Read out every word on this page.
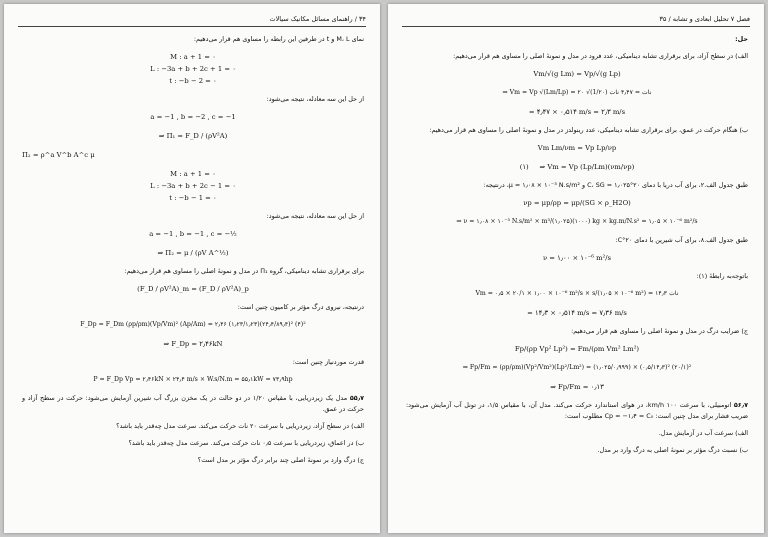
۳۴ / راهنمای مسائل مکانیک سیالات

نمای M، L و t در طرفین این رابطه را مساوی هم قرار می‌دهیم:

M : a + 1 = ۰
L : −3a + b + 2c + 1 = ۰
t : −b − 2 = ۰

از حل این سه معادله، نتیجه می‌شود:

a = −1 , b = −2 , c = −1
⇒ Π₁ = F_D / (ρV²A)
Π₂ = ρ^a V^b A^c μ
M : a + 1 = ۰
L : −3a + b + 2c − 1 = ۰
t : −b − 1 = ۰

از حل این سه معادله، نتیجه می‌شود:

a = −1 , b = −1 , c = −½
⇒ Π₂ = μ / (ρV A^½)

برای برقراری تشابه دینامیکی، گروه Π₁ در مدل و نمونهٔ اصلی را مساوی هم قرار می‌دهیم:

(F_D / ρV²A)_m = (F_D / ρV²A)_p

درنتیجه، نیروی درگ مؤثر بر کامیون چنین است:

F_Dp = F_Dm (ρp/ρm)(Vp/Vm)² (Ap/Am) = ۲٫۴۶ (۱٫۲۳/۱٫۲۳)(۲۴٫۴/۸۹٫۴)² (۴)²
⇒ F_Dp = ۲٫۴۶kN

قدرت موردنیاز چنین است:

P = F_Dp Vp = ۲٫۴۶kN × ۲۴٫۴ m/s × W.s/N.m = ۵۵٫۱kW = ۷۳٫۹hp

۵۵٫۷ مدل یک زیردریایی، با مقیاس ۱/۲۰ در دو حالت در یک مخزن بزرگ آب شیرین آزمایش می‌شود: حرکت در سطح آزاد و حرکت در عمق.

الف) در سطح آزاد، زیردریایی با سرعت ۲۰ نات حرکت می‌کند. سرعت مدل چه‌قدر باید باشد؟

ب) در اعماق، زیردریایی با سرعت ۰٫۵ نات حرکت می‌کند. سرعت مدل چه‌قدر باید باشد؟

ج) درگ وارد بر نمونهٔ اصلی چند برابر درگ مؤثر بر مدل است؟

فصل ۷ تحلیل ابعادی و تشابه / ۳۵

حل:

الف) در سطح آزاد، برای برقراری تشابه دینامیکی، عدد فرود در مدل و نمونهٔ اصلی را مساوی هم قرار می‌دهیم:

Vm/√(g Lm) = Vp/√(g Lp)
⇒ Vm = Vp √(Lm/Lp) = ۲۰ √(1/۲۰) نات = ۴٫۴۷ نات
= ۴٫۴۷ × ۰٫۵۱۴ m/s = ۲٫۳ m/s

ب) هنگام حرکت در عمق، برای برقراری تشابه دینامیکی، عدد رینولدز در مدل و نمونهٔ اصلی را مساوی هم قرار می‌دهیم:

Vm Lm/νm = Vp Lp/νp
(۱) ⇒ Vm = Vp (Lp/Lm)(νm/νp)

طبق جدول الف.۲، برای آب دریا با دمای ۲۰°C، SG = ۱٫۰۲۵ و μ = ۱٫۰۸ × ۱۰⁻³ N.s/m²، درنتیجه:

νp = μp/ρp = μp/(SG × ρ_H2O)
⇒ ν = ۱٫۰۸ × ۱۰⁻³ N.s/m² × m³/(۱٫۰۲۵)(۱۰۰۰) kg × kg.m/N.s² = ۱٫۰۵ × ۱۰⁻⁶ m²/s

طبق جدول الف.۸، برای آب شیرین با دمای ۲۰°C:

ν = ۱٫۰۰ × ۱۰⁻⁶ m²/s

باتوجه‌به رابطهٔ (۱):

Vm = ۰٫۵ × ۲۰/۱ × ۱٫۰۰ × ۱۰⁻⁶ m²/s × s/(۱٫۰۵ × ۱۰⁻⁶ m²) = ۱۴٫۳ نات
= ۱۴٫۳ × ۰٫۵۱۴ m/s = ۷٫۳۶ m/s

ج) ضرایب درگ در مدل و نمونهٔ اصلی را مساوی هم قرار می‌دهیم:

Fp/(ρp Vp² Lp²) = Fm/(ρm Vm² Lm²)
⇒ Fp/Fm = (ρp/ρm)(Vp²/Vm²)(Lp²/Lm²) = (۱٫۰۲۵/۰٫۹۹۹) × (۰٫۵/۱۴٫۳)² (۲۰/۱)²
⇒ Fp/Fm = ۰٫۱۳

۵۶٫۷ اتومبیلی، با سرعت ۱۰۰ km/h، در هوای استاندارد حرکت می‌کند. مدل آن، با مقیاس ۱/۵، در تونل آب آزمایش می‌شود: ضریب فشار برای مدل چنین است: Cp = −۱٫۴ = C₀ مطلوب است:

الف) سرعت آب در آزمایش مدل.

ب) نسبت درگ مؤثر بر نمونهٔ اصلی به درگ وارد بر مدل.
